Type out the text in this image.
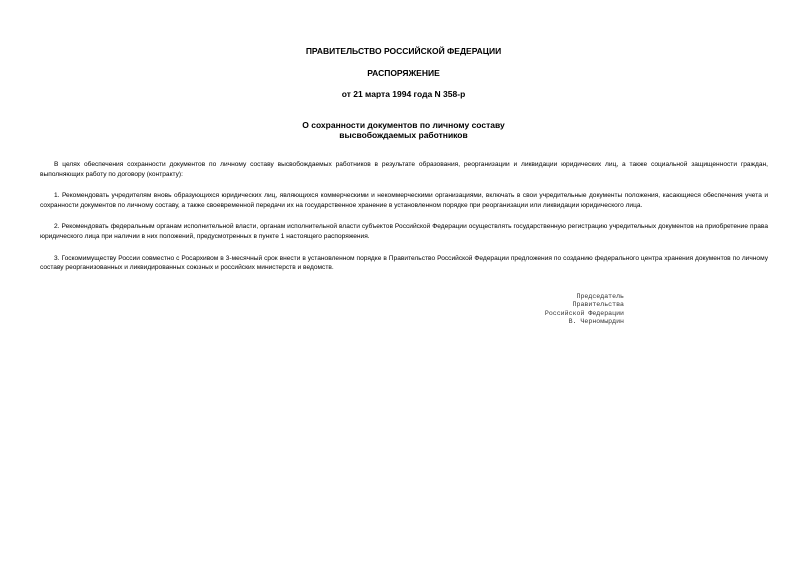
ПРАВИТЕЛЬСТВО РОССИЙСКОЙ ФЕДЕРАЦИИ
РАСПОРЯЖЕНИЕ
от 21 марта 1994 года N 358-р
О сохранности документов по личному составу
высвобождаемых работников

В целях обеспечения сохранности документов по личному составу высвобождаемых работников в результате образования, реорганизации и ликвидации юридических лиц, а также социальной защищенности граждан, выполняющих работу по договору (контракту):

1. Рекомендовать учредителям вновь образующихся юридических лиц, являющихся коммерческими и некоммерческими организациями, включать в свои учредительные документы положения, касающиеся обеспечения учета и сохранности документов по личному составу, а также своевременной передачи их на государственное хранение в установленном порядке при реорганизации или ликвидации юридического лица.

2. Рекомендовать федеральным органам исполнительной власти, органам исполнительной власти субъектов Российской Федерации осуществлять государственную регистрацию учредительных документов на приобретение права юридического лица при наличии в них положений, предусмотренных в пункте 1 настоящего распоряжения.

3. Госкомимуществу России совместно с Росархивом в 3-месячный срок внести в установленном порядке в Правительство Российской Федерации предложения по созданию федерального центра хранения документов по личному составу реорганизованных и ликвидированных союзных и российских министерств и ведомств.

Председатель
Правительства
Российской Федерации
В. Черномырдин
